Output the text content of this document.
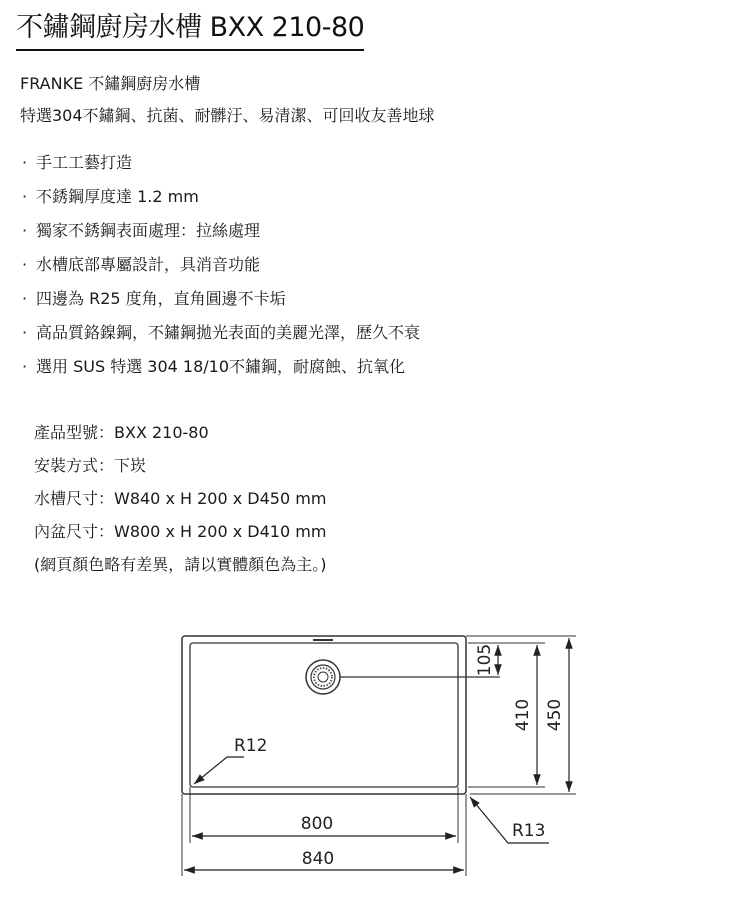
不鏽鋼廚房水槽 BXX 210-80
FRANKE 不鏽鋼廚房水槽
特選304不鏽鋼、抗菌、耐髒汙、易清潔、可回收友善地球
· 手工工藝打造
· 不銹鋼厚度達 1.2 mm
· 獨家不銹鋼表面處理：拉絲處理
· 水槽底部專屬設計，具消音功能
· 四邊為 R25 度角，直角圓邊不卡垢
· 高品質鉻鎳鋼，不鏽鋼拋光表面的美麗光澤，歷久不衰
· 選用 SUS 特選 304 18/10不鏽鋼，耐腐蝕、抗氧化
產品型號：BXX 210-80
安裝方式：下崁
水槽尺寸：W840 x H 200 x D450 mm
內盆尺寸：W800 x H 200 x D410 mm
(網頁顏色略有差異，請以實體顏色為主。)
105
410 450
R12
R13
800
840
